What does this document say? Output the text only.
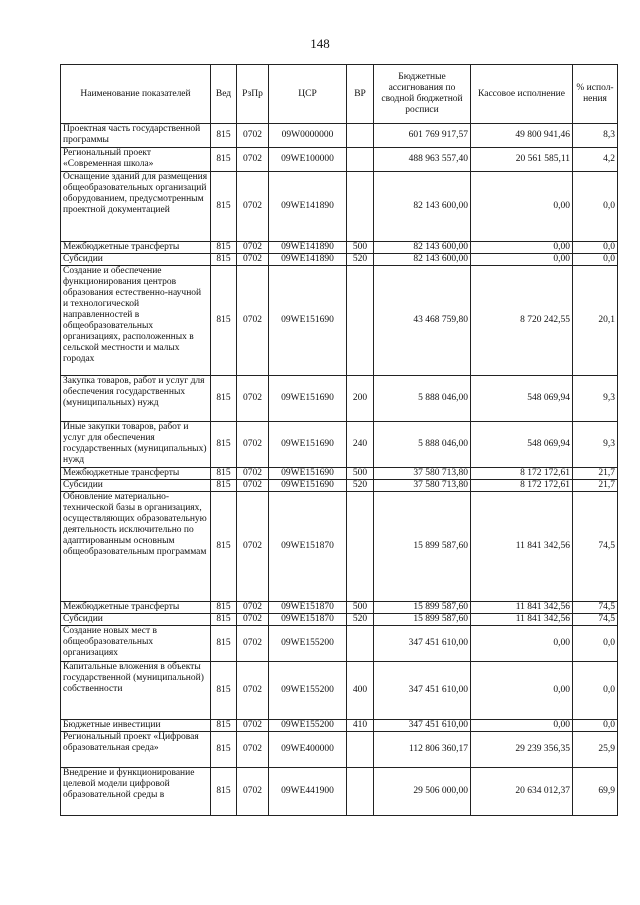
148
Наименование показателей	Вед	РзПр	ЦСР	ВР	Бюджетные ассигнования по сводной бюджетной росписи	Кассовое исполнение	% испол-нения
Проектная часть государственной программы	815	0702	09W0000000		601 769 917,57	49 800 941,46	8,3
Региональный проект «Современная школа»	815	0702	09WE100000		488 963 557,40	20 561 585,11	4,2
Оснащение зданий для размещения общеобразовательных организаций оборудованием, предусмотренным проектной документацией	815	0702	09WE141890		82 143 600,00	0,00	0,0
Межбюджетные трансферты	815	0702	09WE141890	500	82 143 600,00	0,00	0,0
Субсидии	815	0702	09WE141890	520	82 143 600,00	0,00	0,0
Создание и обеспечение функционирования центров образования естественно-научной и технологической направленностей в общеобразовательных организациях, расположенных в сельской местности и малых городах	815	0702	09WE151690		43 468 759,80	8 720 242,55	20,1
Закупка товаров, работ и услуг для обеспечения государственных (муниципальных) нужд	815	0702	09WE151690	200	5 888 046,00	548 069,94	9,3
Иные закупки товаров, работ и услуг для обеспечения государственных (муниципальных) нужд	815	0702	09WE151690	240	5 888 046,00	548 069,94	9,3
Межбюджетные трансферты	815	0702	09WE151690	500	37 580 713,80	8 172 172,61	21,7
Субсидии	815	0702	09WE151690	520	37 580 713,80	8 172 172,61	21,7
Обновление материально-технической базы в организациях, осуществляющих образовательную деятельность исключительно по адаптированным основным общеобразовательным программам	815	0702	09WE151870		15 899 587,60	11 841 342,56	74,5
Межбюджетные трансферты	815	0702	09WE151870	500	15 899 587,60	11 841 342,56	74,5
Субсидии	815	0702	09WE151870	520	15 899 587,60	11 841 342,56	74,5
Создание новых мест в общеобразовательных организациях	815	0702	09WE155200		347 451 610,00	0,00	0,0
Капитальные вложения в объекты государственной (муниципальной) собственности	815	0702	09WE155200	400	347 451 610,00	0,00	0,0
Бюджетные инвестиции	815	0702	09WE155200	410	347 451 610,00	0,00	0,0
Региональный проект «Цифровая образовательная среда»	815	0702	09WE400000		112 806 360,17	29 239 356,35	25,9
Внедрение и функционирование целевой модели цифровой образовательной среды в	815	0702	09WE441900		29 506 000,00	20 634 012,37	69,9
